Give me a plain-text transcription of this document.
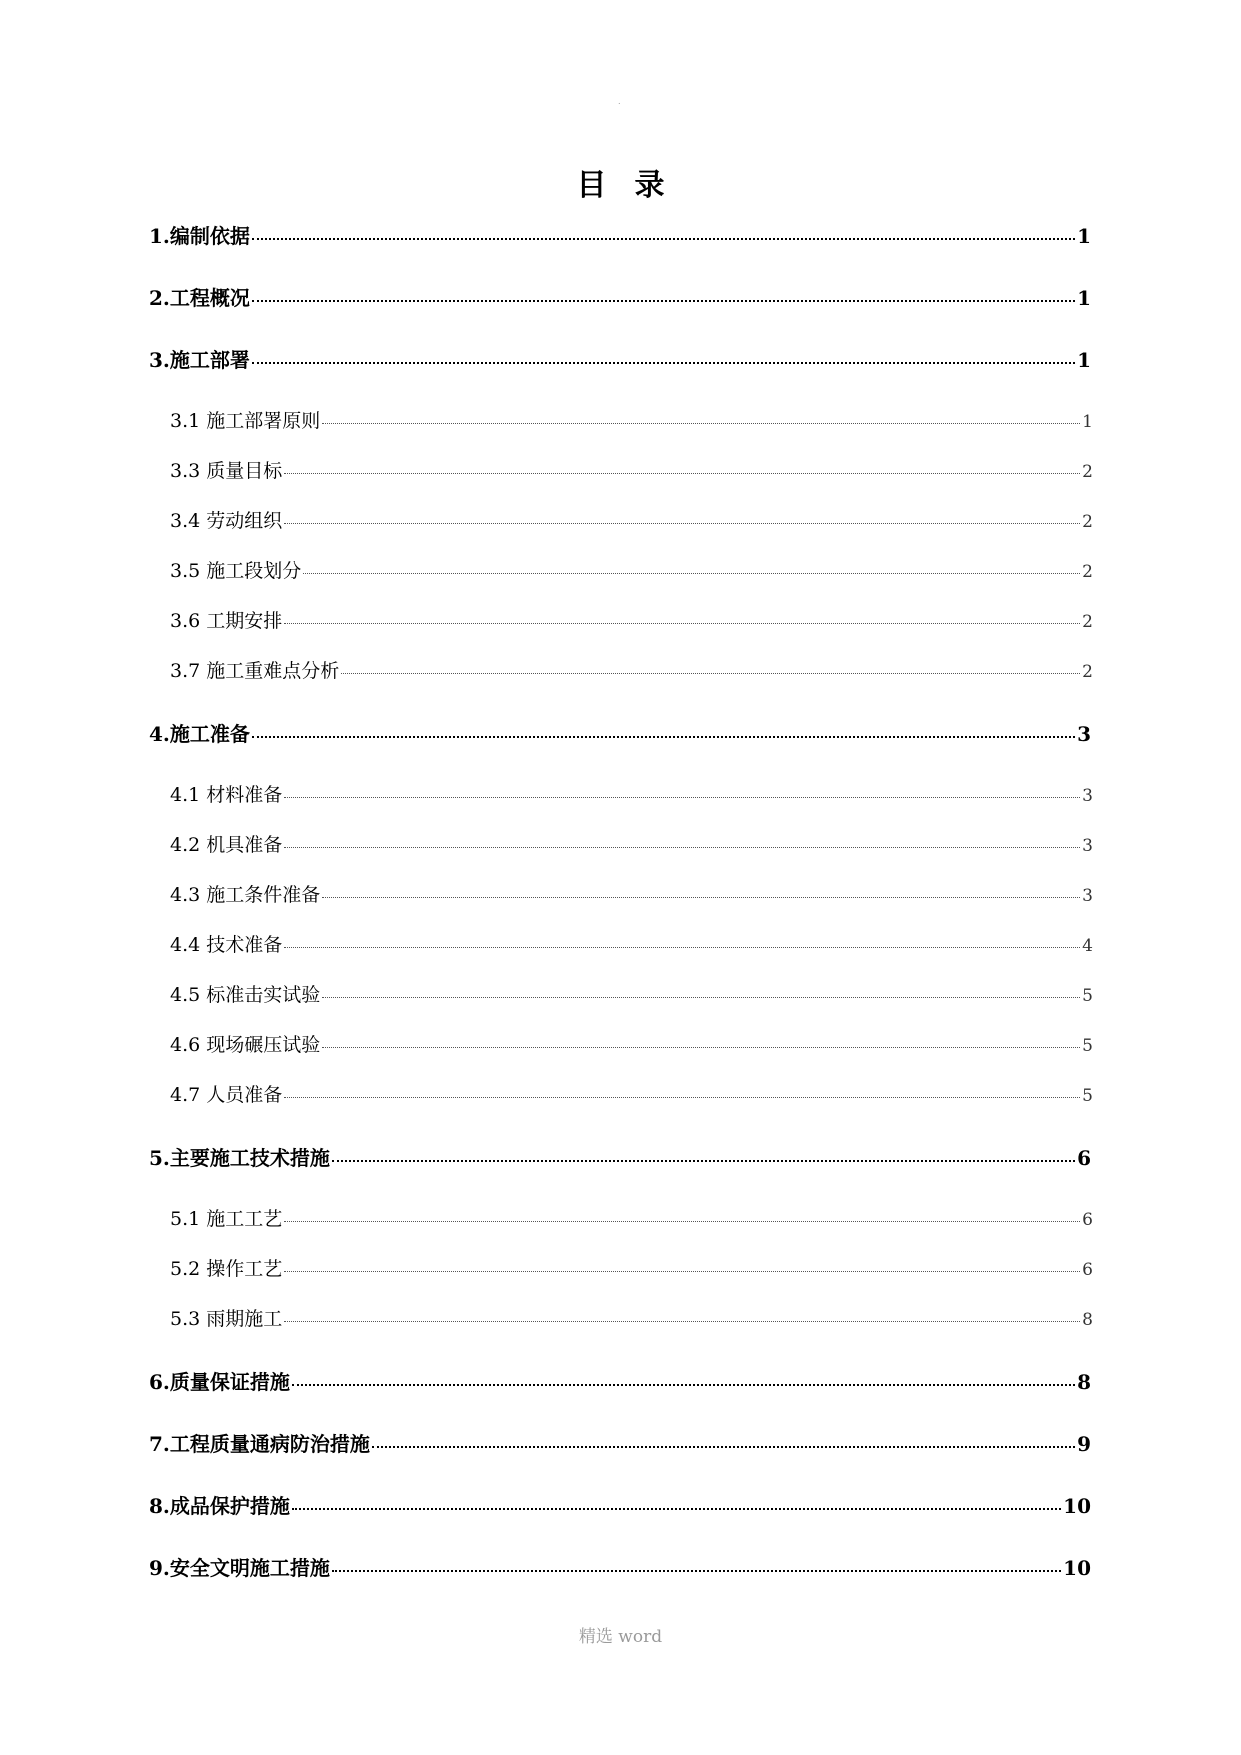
.
目录
1.编制依据	1
2.工程概况	1
3.施工部署	1
3.1 施工部署原则	1
3.3 质量目标	2
3.4 劳动组织	2
3.5 施工段划分	2
3.6 工期安排	2
3.7 施工重难点分析	2
4.施工准备	3
4.1 材料准备	3
4.2 机具准备	3
4.3 施工条件准备	3
4.4 技术准备	4
4.5 标准击实试验	5
4.6 现场碾压试验	5
4.7 人员准备	5
5.主要施工技术措施	6
5.1 施工工艺	6
5.2 操作工艺	6
5.3 雨期施工	8
6.质量保证措施	8
7.工程质量通病防治措施	9
8.成品保护措施	10
9.安全文明施工措施	10
精选 word
